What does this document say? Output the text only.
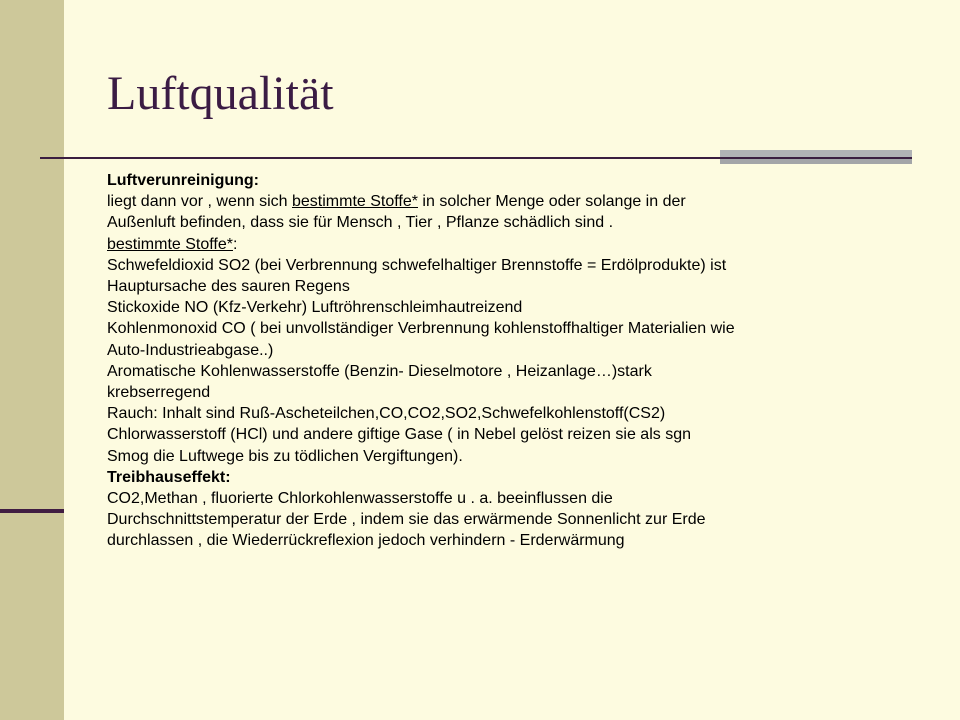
Luftqualität
Luftverunreinigung:
liegt dann vor , wenn sich bestimmte Stoffe* in solcher Menge oder solange in der
Außenluft befinden, dass sie für Mensch , Tier , Pflanze schädlich sind .
bestimmte Stoffe*:
Schwefeldioxid SO2 (bei Verbrennung schwefelhaltiger Brennstoffe = Erdölprodukte) ist
Hauptursache des sauren Regens
Stickoxide NO (Kfz-Verkehr) Luftröhrenschleimhautreizend
Kohlenmonoxid CO ( bei unvollständiger Verbrennung kohlenstoffhaltiger Materialien wie
Auto-Industrieabgase..)
Aromatische Kohlenwasserstoffe (Benzin- Dieselmotore , Heizanlage…)stark
krebserregend
Rauch: Inhalt sind Ruß-Ascheteilchen,CO,CO2,SO2,Schwefelkohlenstoff(CS2)
Chlorwasserstoff (HCl) und andere giftige Gase ( in Nebel gelöst reizen sie als sgn
Smog die Luftwege bis zu tödlichen Vergiftungen).
Treibhauseffekt:
CO2,Methan , fluorierte Chlorkohlenwasserstoffe u . a. beeinflussen die
Durchschnittstemperatur der Erde , indem sie das erwärmende Sonnenlicht zur Erde
durchlassen , die Wiederrückreflexion jedoch verhindern - Erderwärmung
